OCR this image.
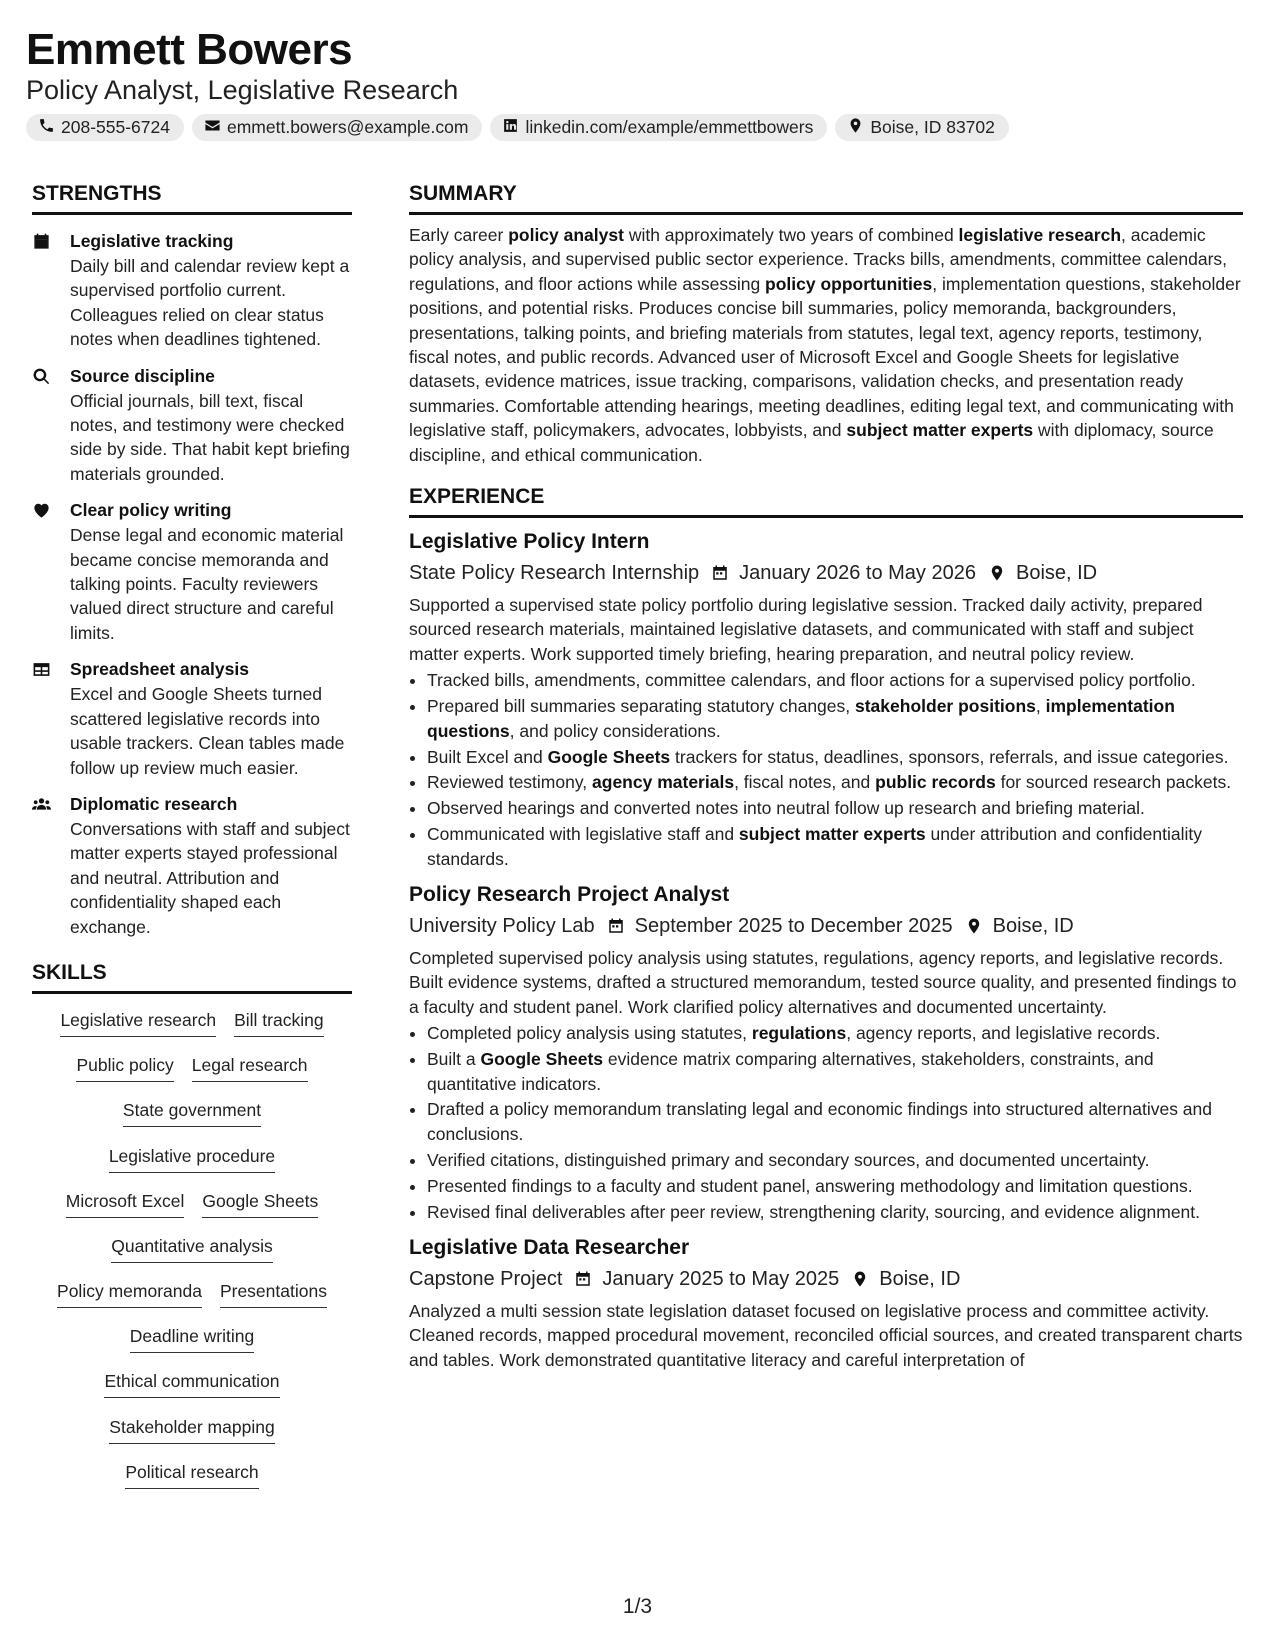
Emmett Bowers
Policy Analyst, Legislative Research
208-555-6724	emmett.bowers@example.com	linkedin.com/example/emmettbowers	Boise, ID 83702
STRENGTHS
Legislative tracking
Daily bill and calendar review kept a supervised portfolio current. Colleagues relied on clear status notes when deadlines tightened.
Source discipline
Official journals, bill text, fiscal notes, and testimony were checked side by side. That habit kept briefing materials grounded.
Clear policy writing
Dense legal and economic material became concise memoranda and talking points. Faculty reviewers valued direct structure and careful limits.
Spreadsheet analysis
Excel and Google Sheets turned scattered legislative records into usable trackers. Clean tables made follow up review much easier.
Diplomatic research
Conversations with staff and subject matter experts stayed professional and neutral. Attribution and confidentiality shaped each exchange.
SKILLS
Legislative research Bill tracking
Public policy Legal research
State government
Legislative procedure
Microsoft Excel Google Sheets
Quantitative analysis
Policy memoranda Presentations
Deadline writing
Ethical communication
Stakeholder mapping
Political research
SUMMARY
Early career policy analyst with approximately two years of combined legislative research, academic policy analysis, and supervised public sector experience. Tracks bills, amendments, committee calendars, regulations, and floor actions while assessing policy opportunities, implementation questions, stakeholder positions, and potential risks. Produces concise bill summaries, policy memoranda, backgrounders, presentations, talking points, and briefing materials from statutes, legal text, agency reports, testimony, fiscal notes, and public records. Advanced user of Microsoft Excel and Google Sheets for legislative datasets, evidence matrices, issue tracking, comparisons, validation checks, and presentation ready summaries. Comfortable attending hearings, meeting deadlines, editing legal text, and communicating with legislative staff, policymakers, advocates, lobbyists, and subject matter experts with diplomacy, source discipline, and ethical communication.
EXPERIENCE
Legislative Policy Intern
State Policy Research Internship January 2026 to May 2026 Boise, ID
Supported a supervised state policy portfolio during legislative session. Tracked daily activity, prepared sourced research materials, maintained legislative datasets, and communicated with staff and subject matter experts. Work supported timely briefing, hearing preparation, and neutral policy review.
• Tracked bills, amendments, committee calendars, and floor actions for a supervised policy portfolio.
• Prepared bill summaries separating statutory changes, stakeholder positions, implementation questions, and policy considerations.
• Built Excel and Google Sheets trackers for status, deadlines, sponsors, referrals, and issue categories.
• Reviewed testimony, agency materials, fiscal notes, and public records for sourced research packets.
• Observed hearings and converted notes into neutral follow up research and briefing material.
• Communicated with legislative staff and subject matter experts under attribution and confidentiality standards.
Policy Research Project Analyst
University Policy Lab September 2025 to December 2025 Boise, ID
Completed supervised policy analysis using statutes, regulations, agency reports, and legislative records. Built evidence systems, drafted a structured memorandum, tested source quality, and presented findings to a faculty and student panel. Work clarified policy alternatives and documented uncertainty.
• Completed policy analysis using statutes, regulations, agency reports, and legislative records.
• Built a Google Sheets evidence matrix comparing alternatives, stakeholders, constraints, and quantitative indicators.
• Drafted a policy memorandum translating legal and economic findings into structured alternatives and conclusions.
• Verified citations, distinguished primary and secondary sources, and documented uncertainty.
• Presented findings to a faculty and student panel, answering methodology and limitation questions.
• Revised final deliverables after peer review, strengthening clarity, sourcing, and evidence alignment.
Legislative Data Researcher
Capstone Project January 2025 to May 2025 Boise, ID
Analyzed a multi session state legislation dataset focused on legislative process and committee activity. Cleaned records, mapped procedural movement, reconciled official sources, and created transparent charts and tables. Work demonstrated quantitative literacy and careful interpretation of
1/3
